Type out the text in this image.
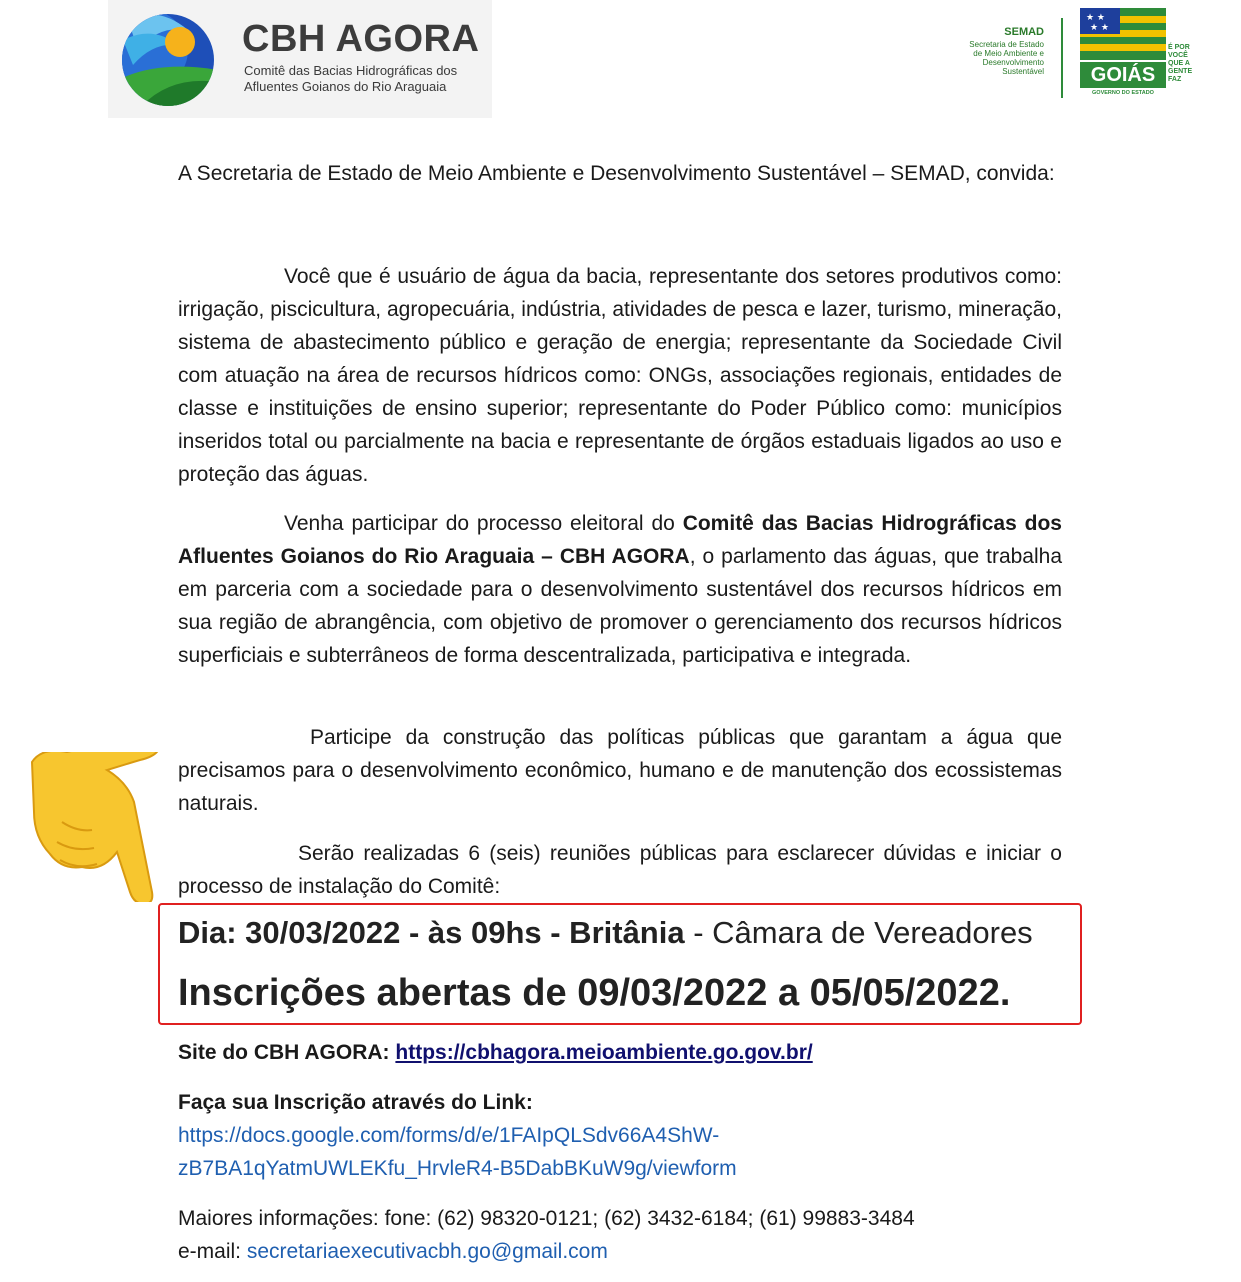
CBH AGORA
Comitê das Bacias Hidrográficas dos
Afluentes Goianos do Rio Araguaia
SEMAD
Secretaria de Estado
de Meio Ambiente e
Desenvolvimento
Sustentável
★ ★
★ ★
GOIÁS
GOVERNO DO ESTADO
É POR
VOCÊ
QUE A
GENTE
FAZ
A Secretaria de Estado de Meio Ambiente e Desenvolvimento Sustentável – SEMAD, convida:
Você que é usuário de água da bacia, representante dos setores produtivos como: irrigação, piscicultura, agropecuária, indústria, atividades de pesca e lazer, turismo, mineração, sistema de abastecimento público e geração de energia; representante da Sociedade Civil com atuação na área de recursos hídricos como: ONGs, associações regionais, entidades de classe e instituições de ensino superior; representante do Poder Público como: municípios inseridos total ou parcialmente na bacia e representante de órgãos estaduais ligados ao uso e proteção das águas.
Venha participar do processo eleitoral do Comitê das Bacias Hidrográficas dos Afluentes Goianos do Rio Araguaia – CBH AGORA, o parlamento das águas, que trabalha em parceria com a sociedade para o desenvolvimento sustentável dos recursos hídricos em sua região de abrangência, com objetivo de promover o gerenciamento dos recursos hídricos superficiais e subterrâneos de forma descentralizada, participativa e integrada.
Participe da construção das políticas públicas que garantam a água que precisamos para o desenvolvimento econômico, humano e de manutenção dos ecossistemas naturais.
Serão realizadas 6 (seis) reuniões públicas para esclarecer dúvidas e iniciar o processo de instalação do Comitê:
Dia: 30/03/2022 - às 09hs - Britânia - Câmara de Vereadores
Inscrições abertas de 09/03/2022 a 05/05/2022.
Site do CBH AGORA: https://cbhagora.meioambiente.go.gov.br/
Faça sua Inscrição através do Link:
https://docs.google.com/forms/d/e/1FAIpQLSdv66A4ShW-
zB7BA1qYatmUWLEKfu_HrvleR4-B5DabBKuW9g/viewform
Maiores informações: fone: (62) 98320-0121; (62) 3432-6184; (61) 99883-3484
e-mail: secretariaexecutivacbh.go@gmail.com
